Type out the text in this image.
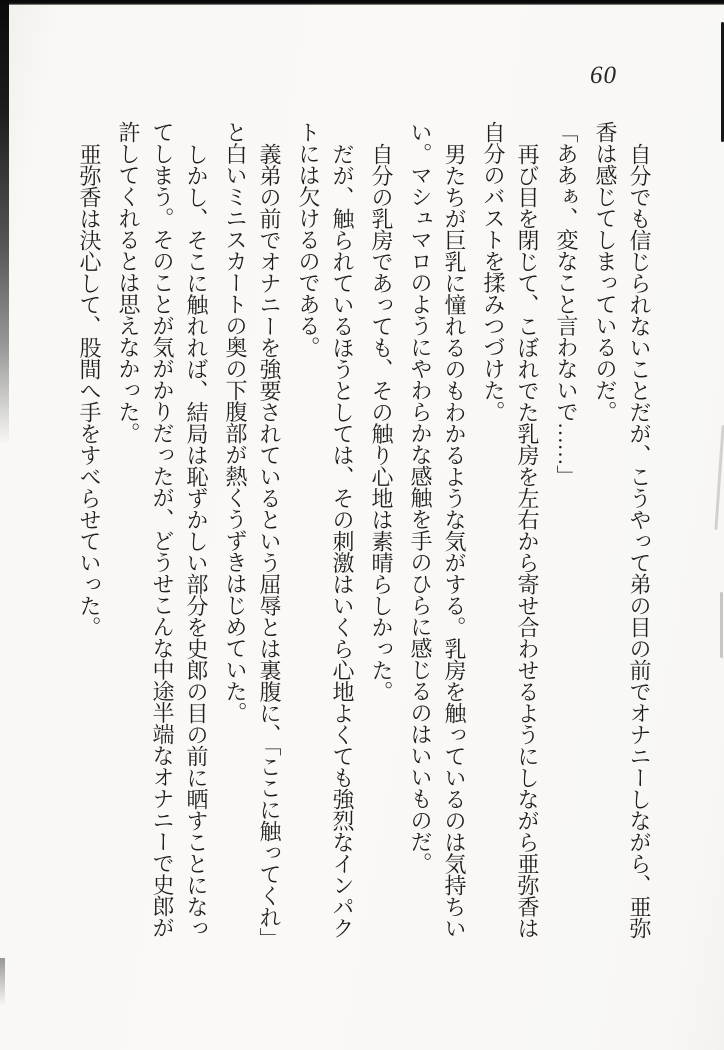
60

自分でも信じられないことだが、こうやって弟の目の前でオナニーしながら、亜弥
香は感じてしまっているのだ。

「ああぁ、変なこと言わないで……」

再び目を閉じて、こぼれでた乳房を左右から寄せ合わせるようにしながら亜弥香は
自分のバストを揉みつづけた。

男たちが巨乳に憧れるのもわかるような気がする。乳房を触っているのは気持ちい
い。マシュマロのようにやわらかな感触を手のひらに感じるのはいいものだ。

自分の乳房であっても、その触り心地は素晴らしかった。

だが、触られているほうとしては、その刺激はいくら心地よくても強烈なインパク
トには欠けるのである。

義弟の前でオナニーを強要されているという屈辱とは裏腹に、「ここに触ってくれ」
と白いミニスカートの奥の下腹部が熱くうずきはじめていた。

しかし、そこに触れれば、結局は恥ずかしい部分を史郎の目の前に晒すことになっ
てしまう。そのことが気がかりだったが、どうせこんな中途半端なオナニーで史郎が
許してくれるとは思えなかった。

亜弥香は決心して、股間へ手をすべらせていった。
